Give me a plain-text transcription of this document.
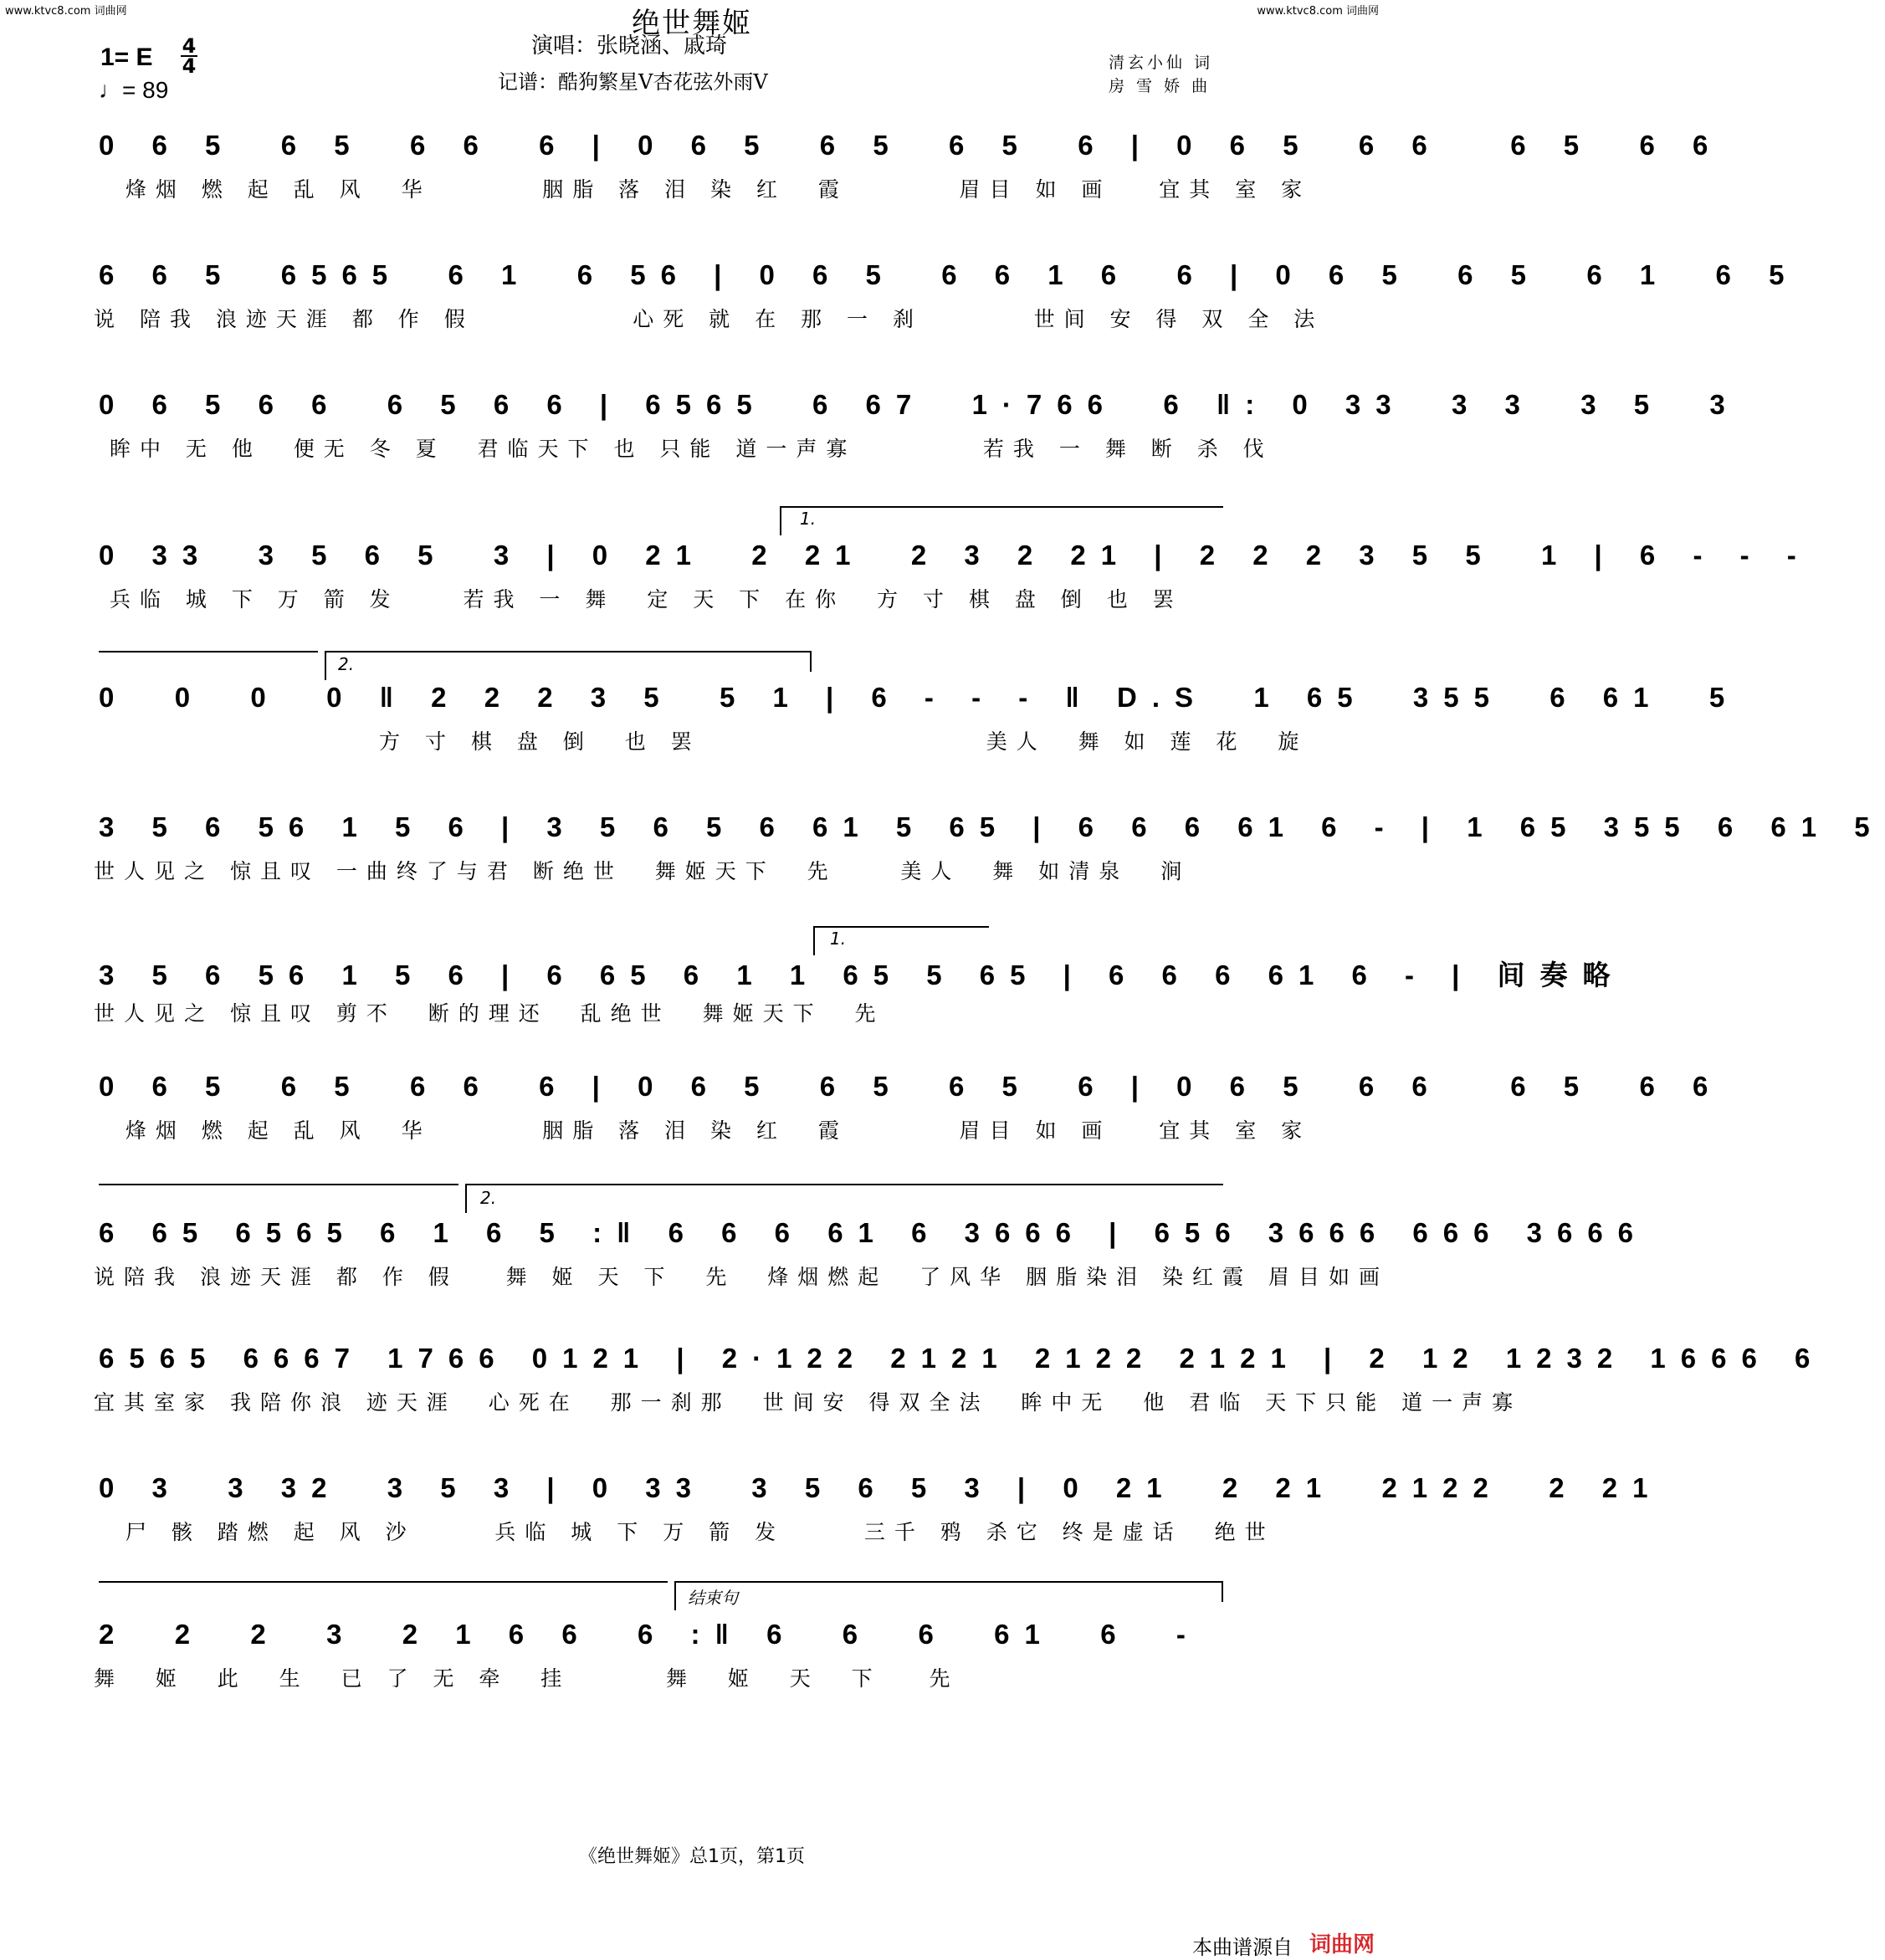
www.ktvc8.com 词曲网	www.ktvc8.com 词曲网
绝世舞姬
演唱：张晓涵、戚琦
记谱：酷狗繁星V杏花弦外雨V
1= E 4
4
♩= 89
清玄小仙 词
房 雪 娇 曲
0 6 5  6 5  6 6  6 | 0 6 5  6 5  6 5  6 | 0 6 5  6 6   6 5  6 6
烽烟 燃 起 乱 风  华       胭脂 落 泪 染 红  霞       眉目 如 画   宜其 室 家
6 6 5  6565  6 1  6 56 | 0 6 5  6 6 1 6  6 | 0 6 5  6 5  6 1  6 5
说 陪我 浪迹天涯 都 作 假          心死 就 在 那 一 刹       世间 安 得 双 全 法
0 6 5 6 6  6 5 6 6 | 6565  6 67  1·766  6 ‖: 0 33  3 3  3 5  3
眸中 无 他  便无 冬 夏  君临天下 也 只能 道一声寡        若我 一 舞 断 杀 伐
1.
0 33  3 5 6 5  3 | 0 21  2 21  2 3 2 21 | 2 2 2 3 5 5  1 | 6 - - -
兵临 城 下 万 箭 发    若我 一 舞  定 天 下 在你  方 寸 棋 盘 倒 也 罢
2.
0  0  0  0 ‖ 2 2 2 3 5  5 1 | 6 - - - ‖ D.S  1 65  355  6 61  5
方 寸 棋 盘 倒  也 罢                  美人  舞 如 莲 花  旋
3 5 6 56 1 5 6 | 3 5 6 5 6 61 5 65 | 6 6 6 61 6 - | 1 65 355 6 61 5
世人见之 惊且叹 一曲终了与君 断绝世  舞姬天下  先    美人  舞 如清泉  涧
1.
3 5 6 56 1 5 6 | 6 65 6 1 1 65 5 65 | 6 6 6 61 6 - | 间奏略
世人见之 惊且叹 剪不  断的理还  乱绝世  舞姬天下  先
0 6 5  6 5  6 6  6 | 0 6 5  6 5  6 5  6 | 0 6 5  6 6   6 5  6 6
烽烟 燃 起 乱 风  华       胭脂 落 泪 染 红  霞       眉目 如 画   宜其 室 家
2.
6 65 6565 6 1 6 5 :‖ 6 6 6 61 6 3666 | 656 3666 666 3666
说陪我 浪迹天涯 都 作 假   舞 姬 天 下  先  烽烟燃起  了风华 胭脂染泪 染红霞 眉目如画
6565 6667 1766 0121 | 2·122 2121 2122 2121 | 2 12 1232 1666 6
宜其室家 我陪你浪 迹天涯  心死在  那一刹那  世间安 得双全法  眸中无  他 君临 天下只能 道一声寡
0 3  3 32  3 5 3 | 0 33  3 5 6 5 3 | 0 21  2 21  2122  2 21
尸 骸 踏燃 起 风 沙     兵临 城 下 万 箭 发     三千 鸦 杀它 终是虚话  绝世
结束句
2  2  2  3  2 1 6 6  6 :‖ 6  6  6  61  6  -
舞  姬  此  生  已 了 无 牵  挂      舞  姬  天  下   先
《绝世舞姬》总1页，第1页
本曲谱源自 词曲网
